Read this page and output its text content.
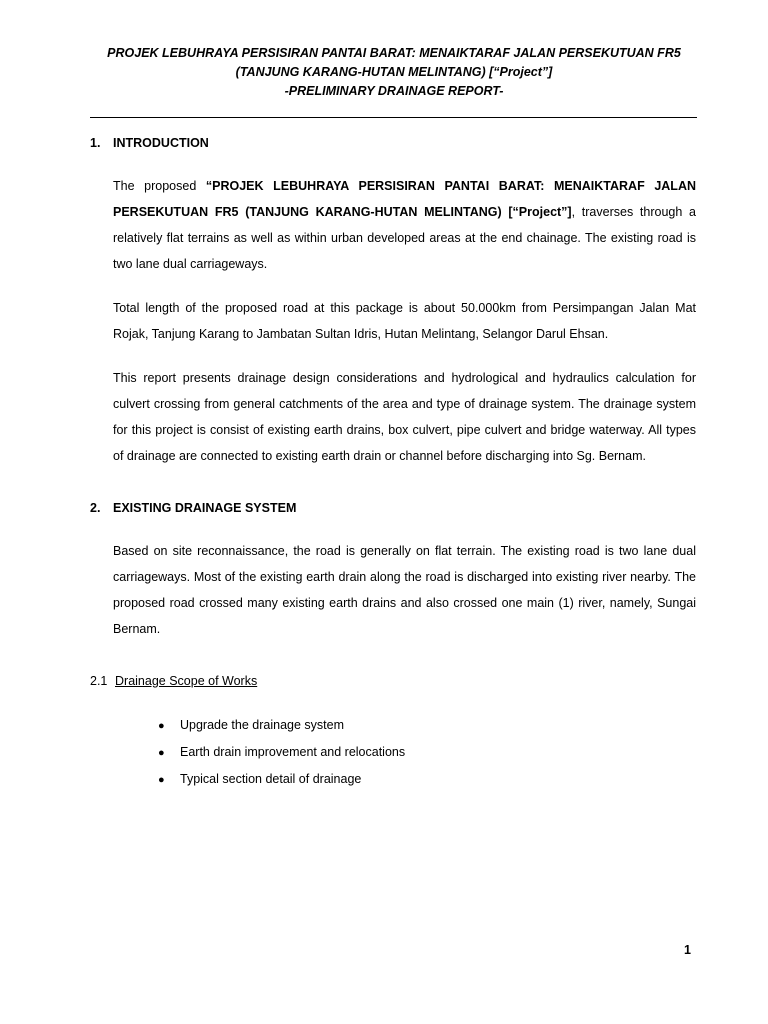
PROJEK LEBUHRAYA PERSISIRAN PANTAI BARAT: MENAIKTARAF JALAN PERSEKUTUAN FR5
(TANJUNG KARANG-HUTAN MELINTANG) [“Project”]
-PRELIMINARY DRAINAGE REPORT-
1. INTRODUCTION
The proposed “PROJEK LEBUHRAYA PERSISIRAN PANTAI BARAT: MENAIKTARAF JALAN PERSEKUTUAN FR5 (TANJUNG KARANG-HUTAN MELINTANG) [“Project”], traverses through a relatively flat terrains as well as within urban developed areas at the end chainage. The existing road is two lane dual carriageways.
Total length of the proposed road at this package is about 50.000km from Persimpangan Jalan Mat Rojak, Tanjung Karang to Jambatan Sultan Idris, Hutan Melintang, Selangor Darul Ehsan.
This report presents drainage design considerations and hydrological and hydraulics calculation for culvert crossing from general catchments of the area and type of drainage system. The drainage system for this project is consist of existing earth drains, box culvert, pipe culvert and bridge waterway. All types of drainage are connected to existing earth drain or channel before discharging into Sg. Bernam.
2. EXISTING DRAINAGE SYSTEM
Based on site reconnaissance, the road is generally on flat terrain. The existing road is two lane dual carriageways. Most of the existing earth drain along the road is discharged into existing river nearby. The proposed road crossed many existing earth drains and also crossed one main (1) river, namely, Sungai Bernam.
2.1 Drainage Scope of Works
● Upgrade the drainage system
● Earth drain improvement and relocations
● Typical section detail of drainage
1
